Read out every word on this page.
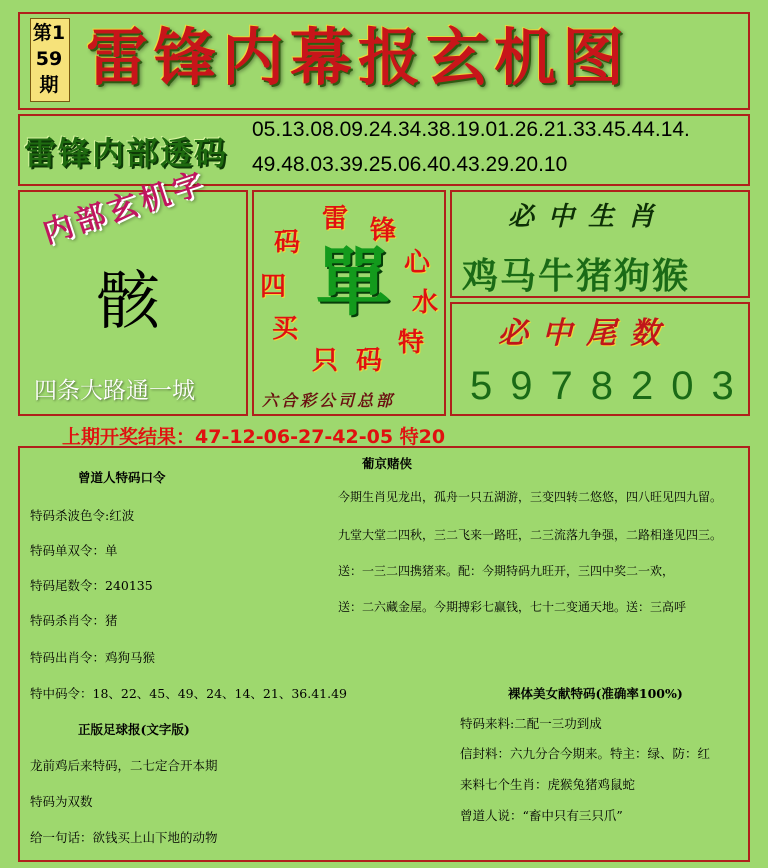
第159期 雷锋内幕报玄机图
雷锋内部透码
05.13.08.09.24.34.38.19.01.26.21.33.45.44.14.
49.48.03.39.25.06.40.43.29.20.10
内部玄机字
骸
四条大路通一城
雷 锋
心
水
特
码
只
买
四
码 單
六合彩公司总部
必中生肖
鸡马牛猪狗猴
必中尾数
5978203
上期开奖结果：47-12-06-27-42-05 特20
曾道人特码口令
特码杀波色令:红波
特码单双令：单
特码尾数令：240135
特码杀肖令：猪
特码出肖令：鸡狗马猴
特中码令：18、22、45、49、24、14、21、36.41.49
正版足球报(文字版)
龙前鸡后来特码，二七定合开本期
特码为双数
给一句话：欲钱买上山下地的动物
葡京赌侠
今期生肖见龙出，孤舟一只五湖游，三变四转二悠悠，四八旺见四九留。
九堂大堂二四秋，三二飞来一路旺，二三流落九争强，二路相逢见四三。
送：一三二四携猪来。配：今期特码九旺开，三四中奖二一欢，
送：二六藏金屋。今期搏彩七赢钱，七十二变通天地。送：三高呼
裸体美女献特码(准确率100%)
特码来料:二配一三功到成
信封料：六九分合今期来。特主：绿、防：红
来料七个生肖：虎猴兔猪鸡鼠蛇
曾道人说：“畜中只有三只爪”
